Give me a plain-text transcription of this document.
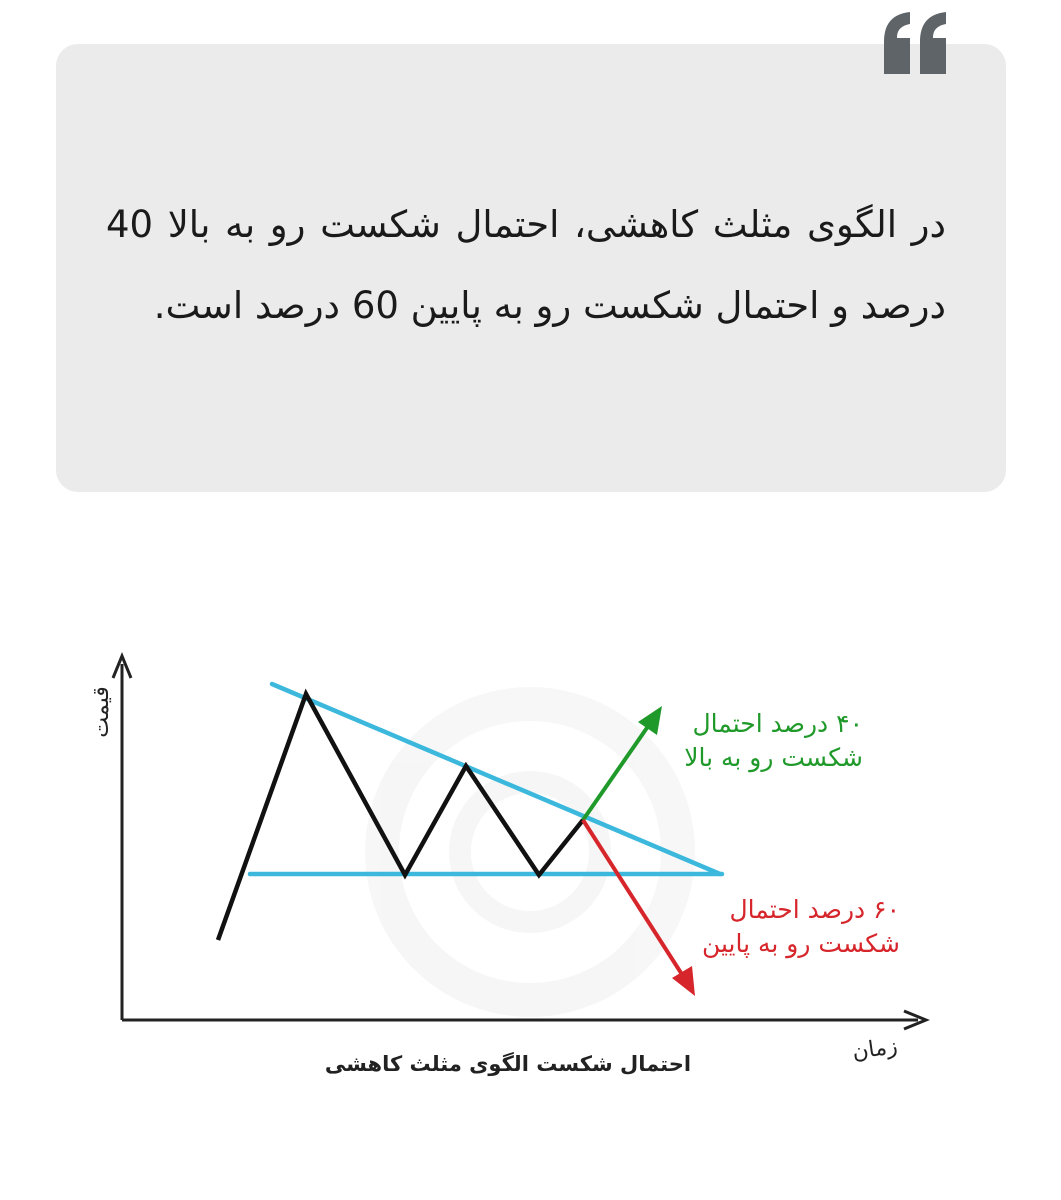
در الگوی مثلث کاهشی، احتمال شکست رو به بالا 40 درصد و احتمال شکست رو به پایین 60 درصد است.

۴۰ درصد احتمال
شکست رو به بالا
۶۰ درصد احتمال
شکست رو به پایین
قیمت
زمان
احتمال شکست الگوی مثلث کاهشی
